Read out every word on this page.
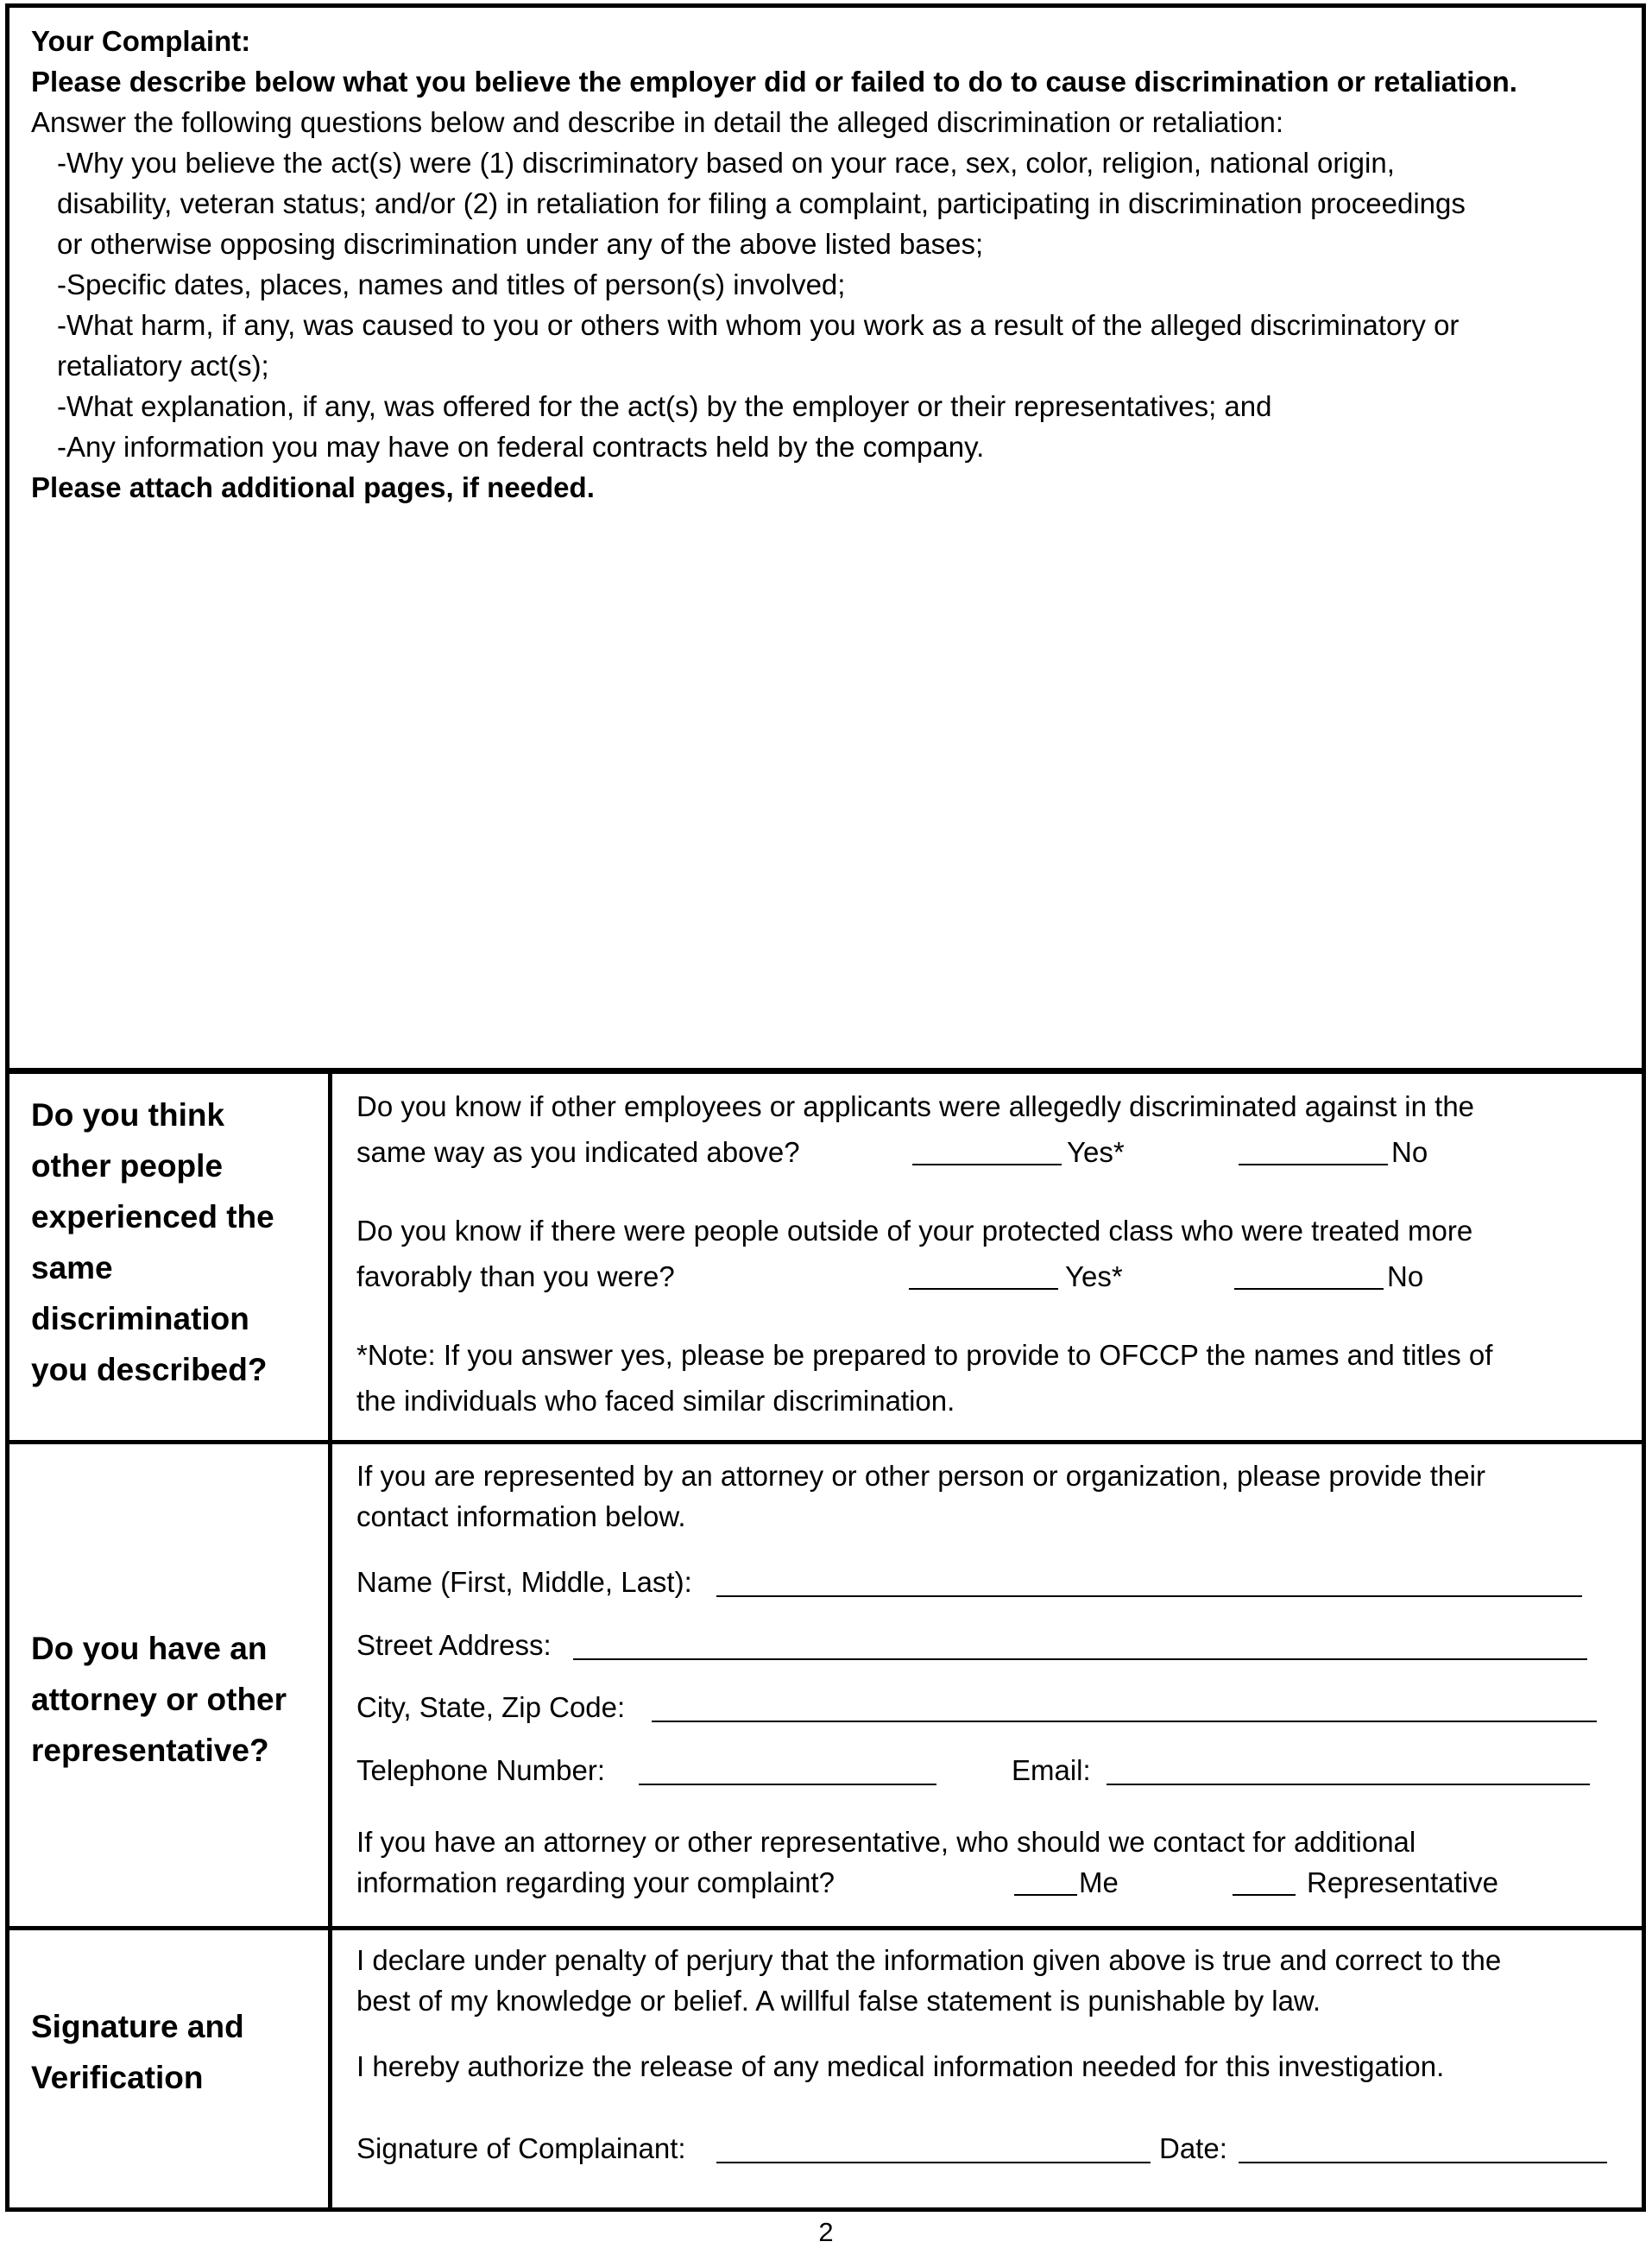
Your Complaint:
Please describe below what you believe the employer did or failed to do to cause discrimination or retaliation.
Answer the following questions below and describe in detail the alleged discrimination or retaliation:
-Why you believe the act(s) were (1) discriminatory based on your race, sex, color, religion, national origin,
disability, veteran status; and/or (2) in retaliation for filing a complaint, participating in discrimination proceedings
or otherwise opposing discrimination under any of the above listed bases;
-Specific dates, places, names and titles of person(s) involved;
-What harm, if any, was caused to you or others with whom you work as a result of the alleged discriminatory or
retaliatory act(s);
-What explanation, if any, was offered for the act(s) by the employer or their representatives; and
-Any information you may have on federal contracts held by the company.
Please attach additional pages, if needed.
Do you think
other people
experienced the
same
discrimination
you described?
Do you know if other employees or applicants were allegedly discriminated against in the
same way as you indicated above?	Yes*	No
Do you know if there were people outside of your protected class who were treated more
favorably than you were?	Yes*	No
*Note: If you answer yes, please be prepared to provide to OFCCP the names and titles of
the individuals who faced similar discrimination.
Do you have an
attorney or other
representative?
If you are represented by an attorney or other person or organization, please provide their
contact information below.
Name (First, Middle, Last):
Street Address:
City, State, Zip Code:
Telephone Number:	Email:
If you have an attorney or other representative, who should we contact for additional
information regarding your complaint?	Me	Representative
Signature and
Verification
I declare under penalty of perjury that the information given above is true and correct to the
best of my knowledge or belief. A willful false statement is punishable by law.
I hereby authorize the release of any medical information needed for this investigation.
Signature of Complainant:	Date:
2
